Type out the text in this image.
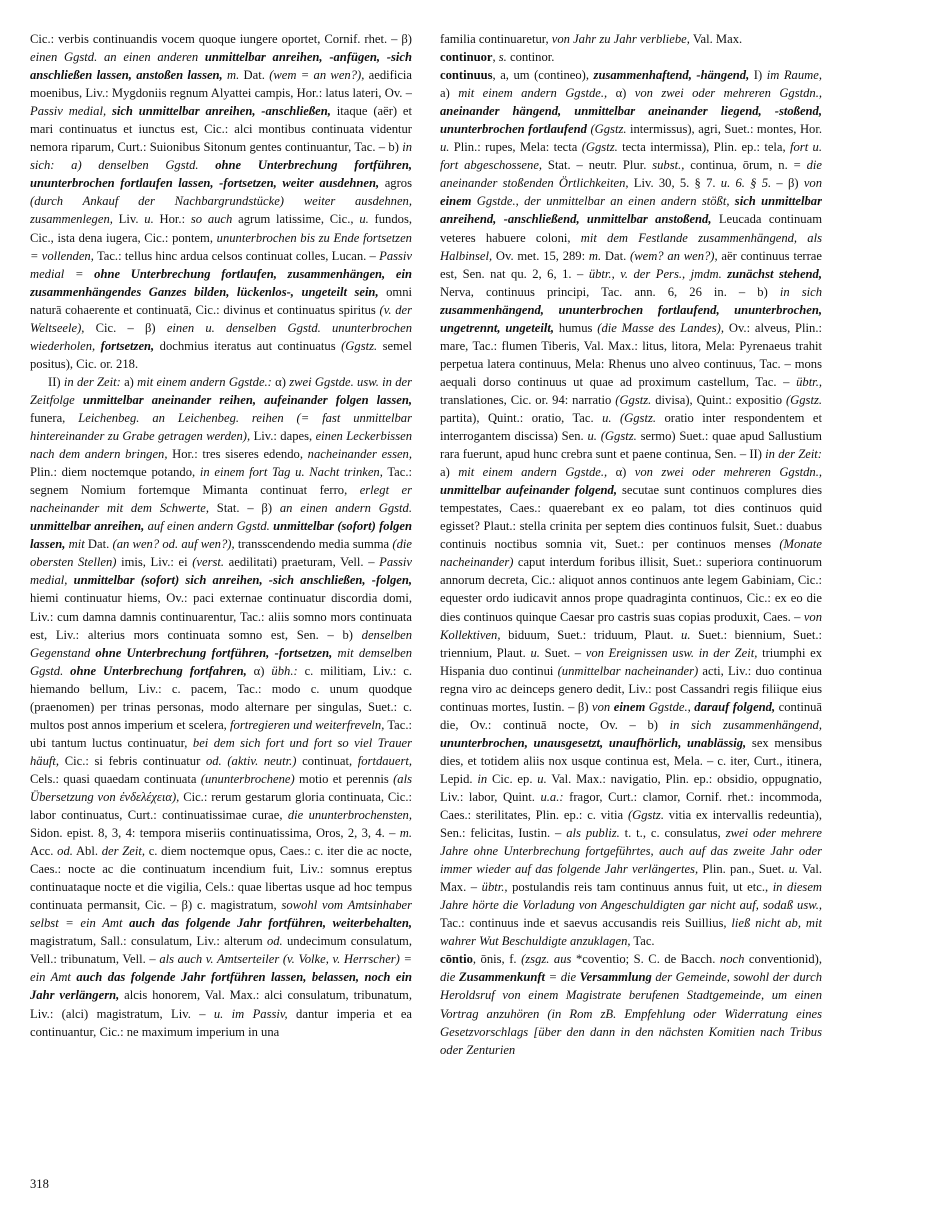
Cic.: verbis continuandis vocem quoque iungere oportet, Cornif. rhet. – β) einen Ggstd. an einen anderen unmittelbar anreihen, -anfügen, -sich anschließen lassen, anstoßen lassen, m. Dat. (wem = an wen?), aedificia moenibus, Liv.: Mygdoniis regnum Alyattei campis, Hor.: latus lateri, Ov. – Passiv medial, sich unmittelbar anreihen, -anschließen, itaque (aër) et mari continuatus et iunctus est, Cic.: alci montibus continuata videntur nemora riparum, Curt.: Suionibus Sitonum gentes continuantur, Tac. – b) in sich: a) denselben Ggstd. ohne Unterbrechung fortführen, ununterbrochen fortlaufen lassen, -fortsetzen, weiter ausdehnen, agros (durch Ankauf der Nachbargrundstücke) weiter ausdehnen, zusammenlegen, Liv. u. Hor.: so auch agrum latissime, Cic., u. fundos, Cic., ista dena iugera, Cic.: pontem, ununterbrochen bis zu Ende fortsetzen = vollenden, Tac.: tellus hinc ardua celsos continuat colles, Lucan. – Passiv medial = ohne Unterbrechung fortlaufen, zusammenhängen, ein zusammenhängendes Ganzes bilden, lückenlos-, ungeteilt sein, omni naturā cohaerente et continuatā, Cic.: divinus et continuatus spiritus (v. der Weltseele), Cic. – β) einen u. denselben Ggstd. ununterbrochen wiederholen, fortsetzen, dochmius iteratus aut continuatus (Ggstz. semel positus), Cic. or. 218.

II) in der Zeit: a) mit einem andern Ggstde.: α) zwei Ggstde. usw. in der Zeitfolge unmittelbar aneinander reihen, aufeinander folgen lassen, funera, Leichenbeg. an Leichenbeg. reihen (= fast unmittelbar hintereinander zu Grabe getragen werden), Liv.: dapes, einen Leckerbissen nach dem andern bringen, Hor.: tres siseres edendo, nacheinander essen, Plin.: diem noctemque potando, in einem fort Tag u. Nacht trinken, Tac.: segnem Nomium fortemque Mimanta continuat ferro, erlegt er nacheinander mit dem Schwerte, Stat. – β) an einen andern Ggstd. unmittelbar anreihen, auf einen andern Ggstd. unmittelbar (sofort) folgen lassen, mit Dat. (an wen? od. auf wen?), transscendendo media summa (die obersten Stellen) imis, Liv.: ei (verst. aedilitati) praeturam, Vell. – Passiv medial, unmittelbar (sofort) sich anreihen, -sich anschließen, -folgen, hiemi continuatur hiems, Ov.: paci externae continuatur discordia domi, Liv.: cum damna damnis continuarentur, Tac.: aliis somno mors continuata est, Liv.: alterius mors continuata somno est, Sen. – b) denselben Gegenstand ohne Unterbrechung fortführen, -fortsetzen, mit demselben Ggstd. ohne Unterbrechung fortfahren, α) übh.: c. militiam, Liv.: c. hiemando bellum, Liv.: c. pacem, Tac.: modo c. unum quodque (praenomen) per trinas personas, modo alternare per singulas, Suet.: c. multos post annos imperium et scelera, fortregieren und weiterfreveln, Tac.: ubi tantum luctus continuatur, bei dem sich fort und fort so viel Trauer häuft, Cic.: si febris continuatur od. (aktiv. neutr.) continuat, fortdauert, Cels.: quasi quaedam continuata (ununterbrochene) motio et perennis (als Übersetzung von ἐνδελέχεια), Cic.: rerum gestarum gloria continuata, Cic.: labor continuatus, Curt.: continuatissimae curae, die ununterbrochensten, Sidon. epist. 8, 3, 4: tempora miseriis continuatissima, Oros, 2, 3, 4. – m. Acc. od. Abl. der Zeit, c. diem noctemque opus, Caes.: c. iter die ac nocte, Caes.: nocte ac die continuatum incendium fuit, Liv.: somnus ereptus continuataque nocte et die vigilia, Cels.: quae libertas usque ad hoc tempus continuata permansit, Cic. – β) c. magistratum, sowohl vom Amtsinhaber selbst = ein Amt auch das folgende Jahr fortführen, weiterbehalten, magistratum, Sall.: consulatum, Liv.: alterum od. undecimum consulatum, Vell.: tribunatum, Vell. – als auch v. Amtserteiler (v. Volke, v. Herrscher) = ein Amt auch das folgende Jahr fortführen lassen, belassen, noch ein Jahr verlängern, alcis honorem, Val. Max.: alci consulatum, tribunatum, Liv.: (alci) magistratum, Liv. – u. im Passiv, dantur imperia et ea continuantur, Cic.: ne maximum imperium in una

familia continuaretur, von Jahr zu Jahr verbliebe, Val. Max.

continuor, s. continor.

continuus, a, um (contineo), zusammenhaftend, -hängend, I) im Raume, a) mit einem andern Ggstde., α) von zwei oder mehreren Ggstdn., aneinander hängend, unmittelbar aneinander liegend, -stoßend, ununterbrochen fortlaufend (Ggstz. intermissus), agri, Suet.: montes, Hor. u. Plin.: rupes, Mela: tecta (Ggstz. tecta intermissa), Plin. ep.: tela, fort u. fort abgeschossene, Stat. – neutr. Plur. subst., continua, ōrum, n. = die aneinander stoßenden Örtlichkeiten, Liv. 30, 5. § 7. u. 6. § 5. – β) von einem Ggstde., der unmittelbar an einen andern stößt, sich unmittelbar anreihend, -anschließend, unmittelbar anstoßend, Leucada continuam veteres habuere coloni, mit dem Festlande zusammenhängend, als Halbinsel, Ov. met. 15, 289: m. Dat. (wem? an wen?), aër continuus terrae est, Sen. nat qu. 2, 6, 1. – übtr., v. der Pers., jmdm. zunächst stehend, Nerva, continuus principi, Tac. ann. 6, 26 in. – b) in sich zusammenhängend, ununterbrochen fortlaufend, ununterbrochen, ungetrennt, ungeteilt, humus (die Masse des Landes), Ov.: alveus, Plin.: mare, Tac.: flumen Tiberis, Val. Max.: litus, litora, Mela: Pyrenaeus trahit perpetua latera continuus, Mela: Rhenus uno alveo continuus, Tac. – mons aequali dorso continuus ut quae ad proximum castellum, Tac. – übtr., translationes, Cic. or. 94: narratio (Ggstz. divisa), Quint.: expositio (Ggstz. partita), Quint.: oratio, Tac. u. (Ggstz. oratio inter respondentem et interrogantem discissa) Sen. u. (Ggstz. sermo) Suet.: quae apud Sallustium rara fuerunt, apud hunc crebra sunt et paene continua, Sen. – II) in der Zeit: a) mit einem andern Ggstde., α) von zwei oder mehreren Ggstdn., unmittelbar aufeinander folgend, secutae sunt continuos complures dies tempestates, Caes.: quaerebant ex eo palam, tot dies continuos quid egisset? Plaut.: stella crinita per septem dies continuos fulsit, Suet.: duabus continuis noctibus somnia vit, Suet.: per continuos menses (Monate nacheinander) caput interdum foribus illisit, Suet.: superiora continuorum annorum decreta, Cic.: aliquot annos continuos ante legem Gabiniam, Cic.: equester ordo iudicavit annos prope quadraginta continuos, Cic.: ex eo die dies continuos quinque Caesar pro castris suas copias produxit, Caes. – von Kollektiven, biduum, Suet.: triduum, Plaut. u. Suet.: biennium, Suet.: triennium, Plaut. u. Suet. – von Ereignissen usw. in der Zeit, triumphi ex Hispania duo continui (unmittelbar nacheinander) acti, Liv.: duo continua regna viro ac deinceps genero dedit, Liv.: post Cassandri regis filiique eius continuas mortes, Iustin. – β) von einem Ggstde., darauf folgend, continuā die, Ov.: continuā nocte, Ov. – b) in sich zusammenhängend, ununterbrochen, unausgesetzt, unaufhörlich, unablässig, sex mensibus dies, et totidem aliis nox usque continua est, Mela. – c. iter, Curt., itinera, Lepid. in Cic. ep. u. Val. Max.: navigatio, Plin. ep.: obsidio, oppugnatio, Liv.: labor, Quint. u.a.: fragor, Curt.: clamor, Cornif. rhet.: incommoda, Caes.: sterilitates, Plin. ep.: c. vitia (Ggstz. vitia ex intervallis redeuntia), Sen.: felicitas, Iustin. – als publiz. t. t., c. consulatus, zwei oder mehrere Jahre ohne Unterbrechung fortgeführtes, auch auf das zweite Jahr oder immer wieder auf das folgende Jahr verlängertes, Plin. pan., Suet. u. Val. Max. – übtr., postulandis reis tam continuus annus fuit, ut etc., in diesem Jahre hörte die Vorladung von Angeschuldigten gar nicht auf, sodaß usw., Tac.: continuus inde et saevus accusandis reis Suillius, ließ nicht ab, mit wahrer Wut Beschuldigte anzuklagen, Tac.

cōntio, ōnis, f. (zsgz. aus *coventio; S. C. de Bacch. noch conventionid), die Zusammenkunft = die Versammlung der Gemeinde, sowohl der durch Heroldsruf von einem Magistrate berufenen Stadtgemeinde, um einen Vortrag anzuhören (in Rom zB. Empfehlung oder Widerratung eines Gesetzvorschlags [über den dann in den nächsten Komitien nach Tribus oder Zenturien

318
